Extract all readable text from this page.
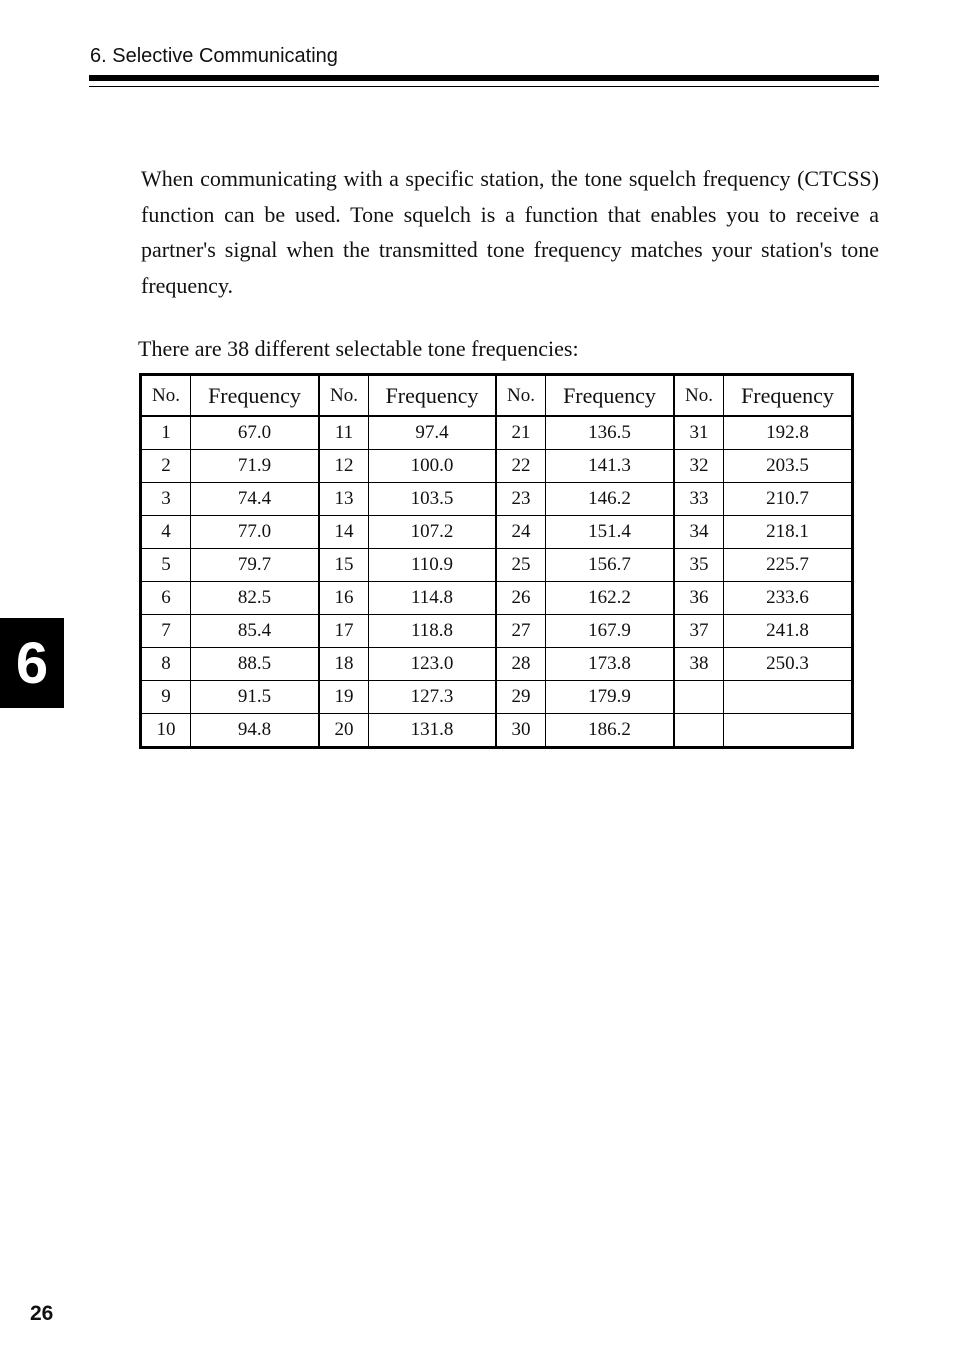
6. Selective Communicating

When communicating with a specific station, the tone squelch frequency (CTCSS) function can be used. Tone squelch is a function that enables you to receive a partner's signal when the transmitted tone frequency matches your station's tone frequency.

There are 38 different selectable tone frequencies:

No.	Frequency	No.	Frequency	No.	Frequency	No.	Frequency
1	67.0	11	97.4	21	136.5	31	192.8
2	71.9	12	100.0	22	141.3	32	203.5
3	74.4	13	103.5	23	146.2	33	210.7
4	77.0	14	107.2	24	151.4	34	218.1
5	79.7	15	110.9	25	156.7	35	225.7
6	82.5	16	114.8	26	162.2	36	233.6
7	85.4	17	118.8	27	167.9	37	241.8
8	88.5	18	123.0	28	173.8	38	250.3
9	91.5	19	127.3	29	179.9		
10	94.8	20	131.8	30	186.2		
6
26
